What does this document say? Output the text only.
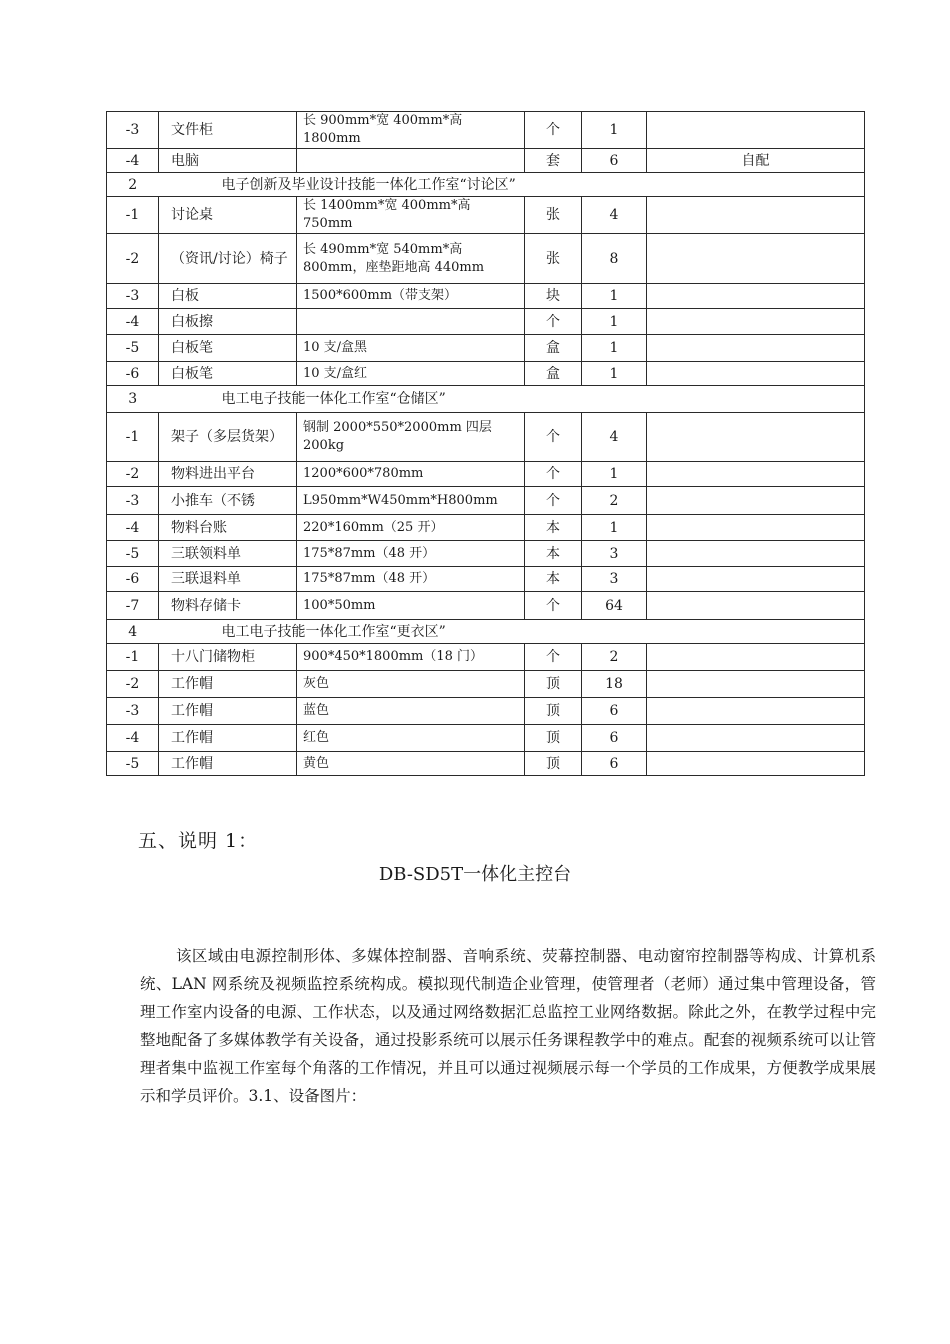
-3	文件柜	长 900mm*宽 400mm*高 1800mm	个	1	
-4	电脑		套	6	自配
2	电子创新及毕业设计技能一体化工作室“讨论区”				
-1	讨论桌	长 1400mm*宽 400mm*高 750mm	张	4	
-2	（资讯/讨论）椅子	长 490mm*宽 540mm*高 800mm，座垫距地高 440mm	张	8	
-3	白板	1500*600mm（带支架）	块	1	
-4	白板擦		个	1	
-5	白板笔	10 支/盒黑	盒	1	
-6	白板笔	10 支/盒红	盒	1	
3	电工电子技能一体化工作室“仓储区”				
-1	架子（多层货架）	钢制 2000*550*2000mm 四层 200kg	个	4	
-2	物料进出平台	1200*600*780mm	个	1	
-3	小推车（不锈	L950mm*W450mm*H800mm	个	2	
-4	物料台账	220*160mm（25 开）	本	1	
-5	三联领料单	175*87mm（48 开）	本	3	
-6	三联退料单	175*87mm（48 开）	本	3	
-7	物料存储卡	100*50mm	个	64	
4	电工电子技能一体化工作室“更衣区”				
-1	十八门储物柜	900*450*1800mm（18 门）	个	2	
-2	工作帽	灰色	顶	18	
-3	工作帽	蓝色	顶	6	
-4	工作帽	红色	顶	6	
-5	工作帽	黄色	顶	6	
五、说明 1：
DB-SD5T一体化主控台

该区域由电源控制形体、多媒体控制器、音响系统、荧幕控制器、电动窗帘控制器等构成、计算机系统、LAN 网系统及视频监控系统构成。模拟现代制造企业管理，使管理者（老师）通过集中管理设备，管理工作室内设备的电源、工作状态，以及通过网络数据汇总监控工业网络数据。除此之外，在教学过程中完整地配备了多媒体教学有关设备，通过投影系统可以展示任务课程教学中的难点。配套的视频系统可以让管理者集中监视工作室每个角落的工作情况，并且可以通过视频展示每一个学员的工作成果，方便教学成果展示和学员评价。3.1、设备图片：
